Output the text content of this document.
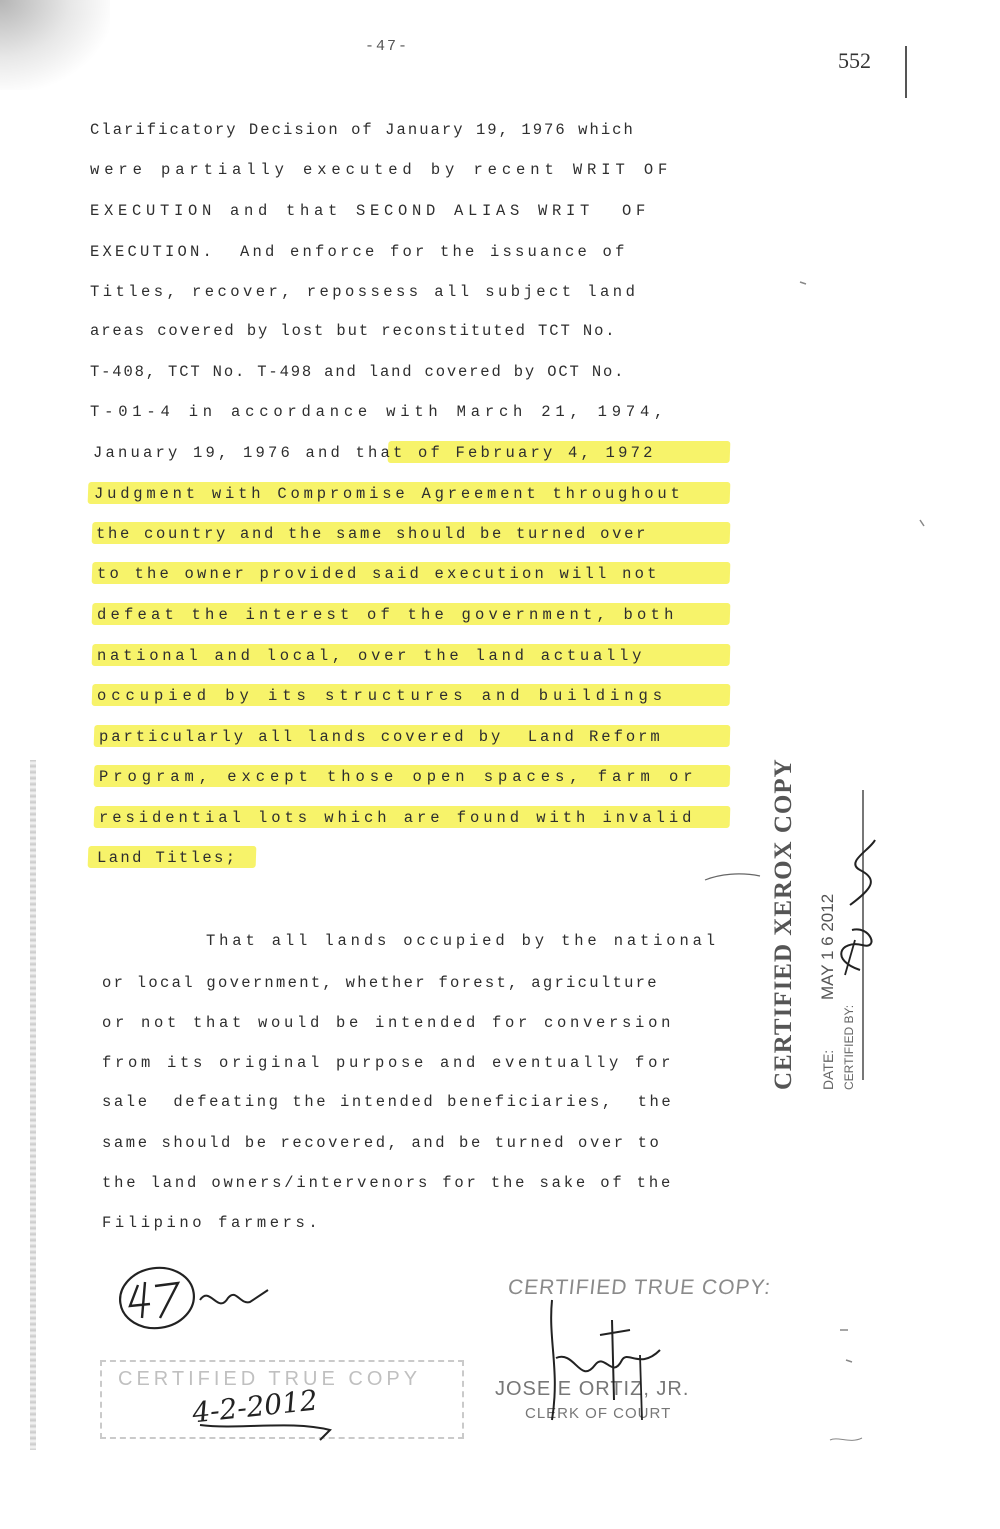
-47-
552
Clarificatory Decision of January 19, 1976 which
were partially executed by recent WRIT OF
EXECUTION and that SECOND ALIAS WRIT  OF
EXECUTION.  And enforce for the issuance of
Titles, recover, repossess all subject land
areas covered by lost but reconstituted TCT No.
T-408, TCT No. T-498 and land covered by OCT No.
T-01-4 in accordance with March 21, 1974,
January 19, 1976 and that of February 4, 1972
Judgment with Compromise Agreement throughout
the country and the same should be turned over
to the owner provided said execution will not
defeat the interest of the government, both
national and local, over the land actually
occupied by its structures and buildings
particularly all lands covered by  Land Reform
Program, except those open spaces, farm or
residential lots which are found with invalid
Land Titles;
That all lands occupied by the national
or local government, whether forest, agriculture
or not that would be intended for conversion
from its original purpose and eventually for
sale  defeating the intended beneficiaries,  the
same should be recovered, and be turned over to
the land owners/intervenors for the sake of the
Filipino farmers.
CERTIFIED XEROX COPY	MAY 1 6 2012
DATE: CERTIFIED BY:
CERTIFIED TRUE COPY
4-2-2012
CERTIFIED TRUE COPY:
JOSE E ORTIZ, JR.
CLERK OF COURT
